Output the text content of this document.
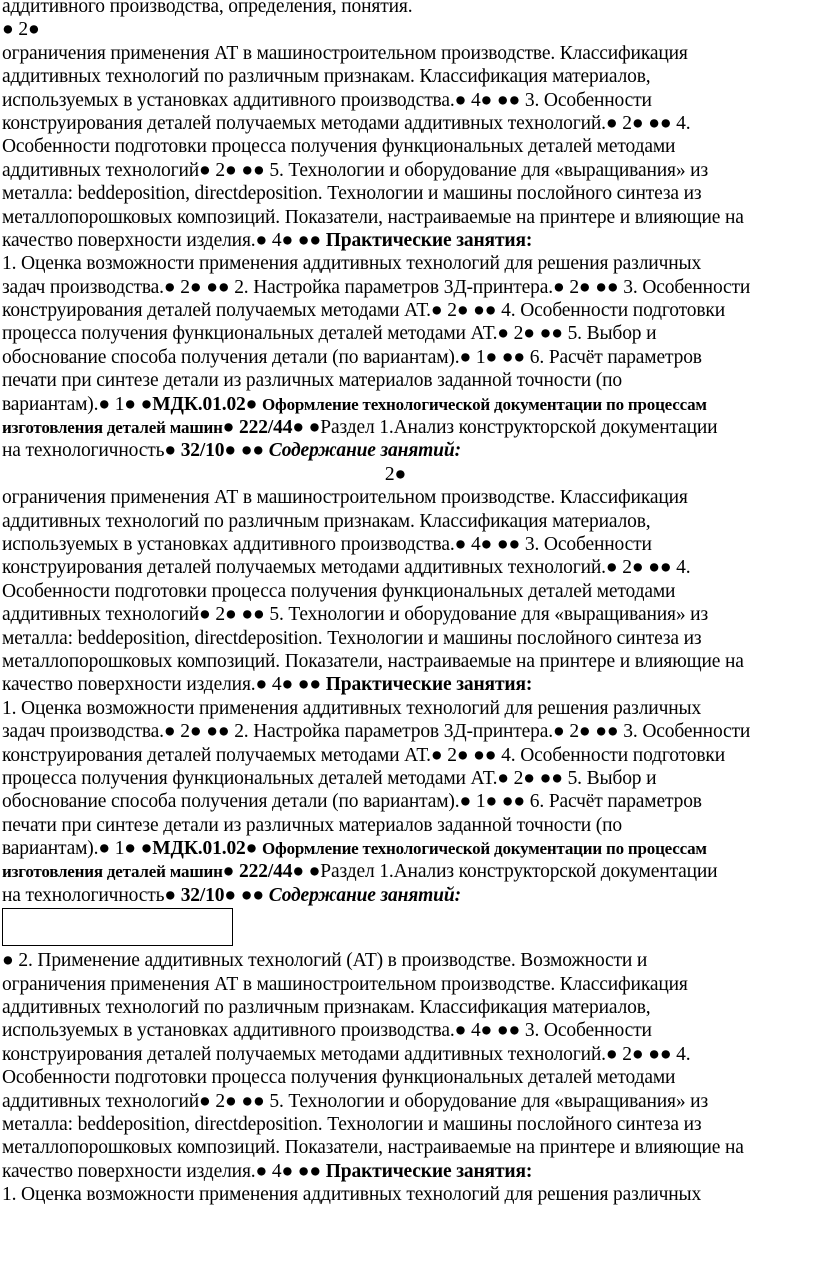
аддитивного производства, определения, понятия.
● 2●
ограничения применения АТ в машиностроительном производстве. Классификация
аддитивных технологий по различным признакам. Классификация материалов,
используемых в установках аддитивного производства.● 4● ●● 3. Особенности
конструирования деталей получаемых методами аддитивных технологий.● 2● ●● 4.
Особенности подготовки процесса получения функциональных деталей методами
аддитивных технологий● 2● ●● 5. Технологии и оборудование для «выращивания» из
металла: beddeposition, directdeposition. Технологии и машины послойного синтеза из
металлопорошковых композиций. Показатели, настраиваемые на принтере и влияющие на
качество поверхности изделия.● 4● ●● Практические занятия:
1. Оценка возможности применения аддитивных технологий для решения различных
задач производства.● 2● ●● 2. Настройка параметров 3Д-принтера.● 2● ●● 3. Особенности
конструирования деталей получаемых методами АТ.● 2● ●● 4. Особенности подготовки
процесса получения функциональных деталей методами АТ.● 2● ●● 5. Выбор и
обоснование способа получения детали (по вариантам).● 1● ●● 6. Расчёт параметров
печати при синтезе детали из различных материалов заданной точности (по
вариантам).● 1● ●МДК.01.02● Оформление технологической документации по процессам
изготовления деталей машин● 222/44● ●Раздел 1.Анализ конструкторской документации
на технологичность● 32/10● ●● Содержание занятий:
2●
ограничения применения АТ в машиностроительном производстве. Классификация
аддитивных технологий по различным признакам. Классификация материалов,
используемых в установках аддитивного производства.● 4● ●● 3. Особенности
конструирования деталей получаемых методами аддитивных технологий.● 2● ●● 4.
Особенности подготовки процесса получения функциональных деталей методами
аддитивных технологий● 2● ●● 5. Технологии и оборудование для «выращивания» из
металла: beddeposition, directdeposition. Технологии и машины послойного синтеза из
металлопорошковых композиций. Показатели, настраиваемые на принтере и влияющие на
качество поверхности изделия.● 4● ●● Практические занятия:
1. Оценка возможности применения аддитивных технологий для решения различных
задач производства.● 2● ●● 2. Настройка параметров 3Д-принтера.● 2● ●● 3. Особенности
конструирования деталей получаемых методами АТ.● 2● ●● 4. Особенности подготовки
процесса получения функциональных деталей методами АТ.● 2● ●● 5. Выбор и
обоснование способа получения детали (по вариантам).● 1● ●● 6. Расчёт параметров
печати при синтезе детали из различных материалов заданной точности (по
вариантам).● 1● ●МДК.01.02● Оформление технологической документации по процессам
изготовления деталей машин● 222/44● ●Раздел 1.Анализ конструкторской документации
на технологичность● 32/10● ●● Содержание занятий:
● 2. Применение аддитивных технологий (АТ) в производстве. Возможности и
ограничения применения АТ в машиностроительном производстве. Классификация
аддитивных технологий по различным признакам. Классификация материалов,
используемых в установках аддитивного производства.● 4● ●● 3. Особенности
конструирования деталей получаемых методами аддитивных технологий.● 2● ●● 4.
Особенности подготовки процесса получения функциональных деталей методами
аддитивных технологий● 2● ●● 5. Технологии и оборудование для «выращивания» из
металла: beddeposition, directdeposition. Технологии и машины послойного синтеза из
металлопорошковых композиций. Показатели, настраиваемые на принтере и влияющие на
качество поверхности изделия.● 4● ●● Практические занятия:
1. Оценка возможности применения аддитивных технологий для решения различных
